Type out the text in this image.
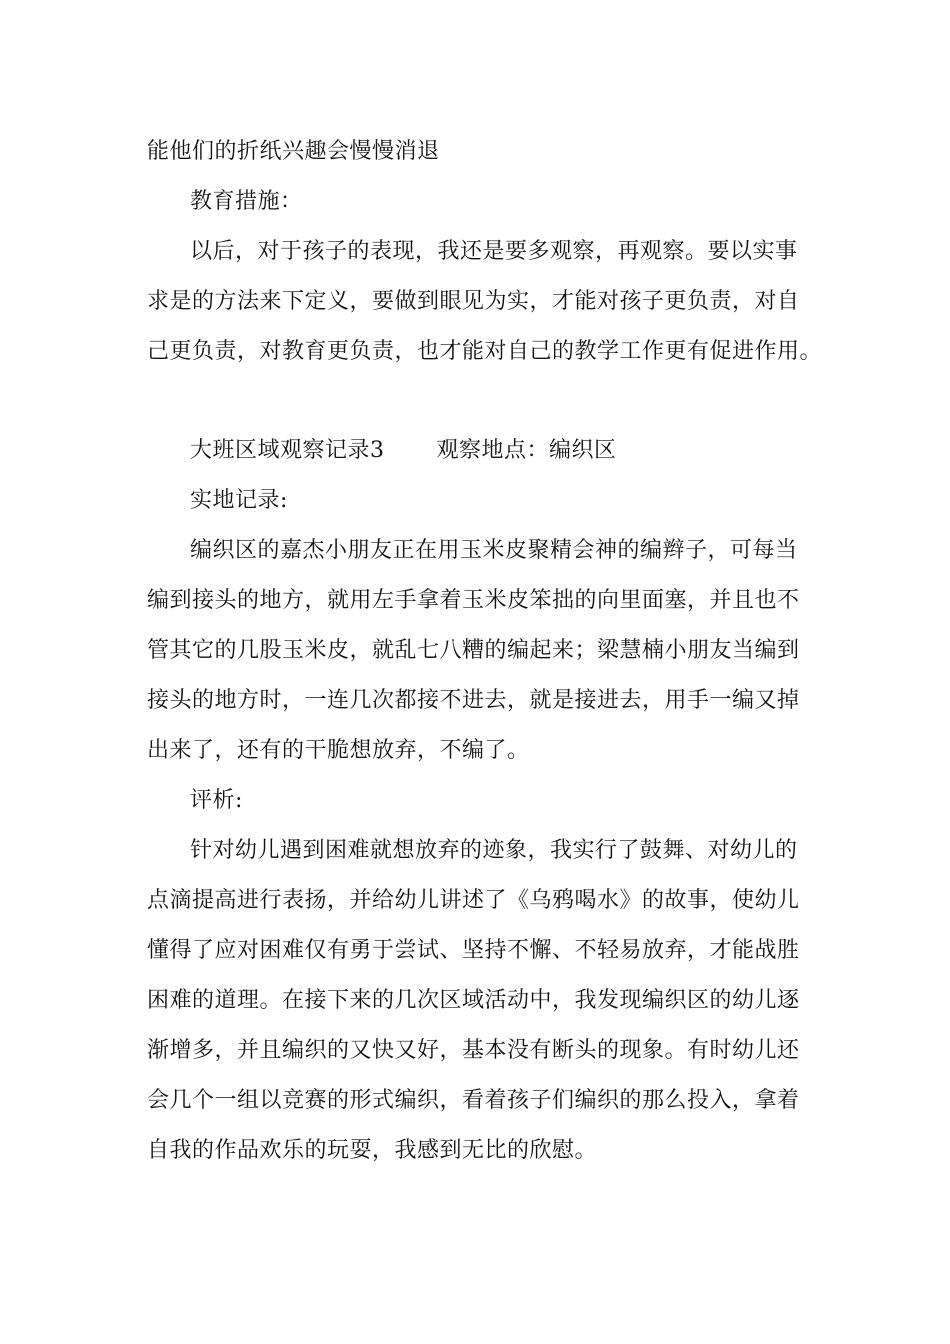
能他们的折纸兴趣会慢慢消退
教育措施：
以后，对于孩子的表现，我还是要多观察，再观察。要以实事
求是的方法来下定义，要做到眼见为实，才能对孩子更负责，对自
己更负责，对教育更负责，也才能对自己的教学工作更有促进作用。
大班区域观察记录3 观察地点：编织区
实地记录:
编织区的嘉杰小朋友正在用玉米皮聚精会神的编辫子，可每当
编到接头的地方，就用左手拿着玉米皮笨拙的向里面塞，并且也不
管其它的几股玉米皮，就乱七八糟的编起来；梁慧楠小朋友当编到
接头的地方时，一连几次都接不进去，就是接进去，用手一编又掉
出来了，还有的干脆想放弃，不编了。
评析:
针对幼儿遇到困难就想放弃的迹象，我实行了鼓舞、对幼儿的
点滴提高进行表扬，并给幼儿讲述了《乌鸦喝水》的故事，使幼儿
懂得了应对困难仅有勇于尝试、坚持不懈、不轻易放弃，才能战胜
困难的道理。在接下来的几次区域活动中，我发现编织区的幼儿逐
渐增多，并且编织的又快又好，基本没有断头的现象。有时幼儿还
会几个一组以竞赛的形式编织，看着孩子们编织的那么投入，拿着
自我的作品欢乐的玩耍，我感到无比的欣慰。
